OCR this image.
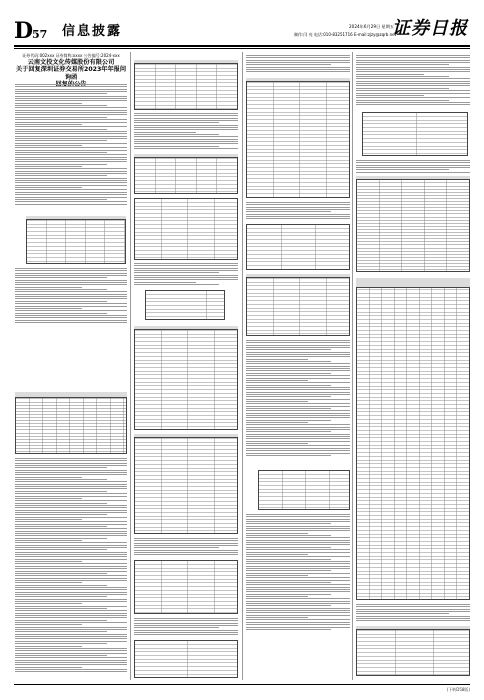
D 57 信息披露	2024年6月29日 星期五
制作:闫 亮 电话:010-83251716 E-mail:zjzy@zqrb.net
证券日报
证券代码:002xxx 证券简称:xxxx 公告编号:2024-xxx
云南文投文化传媒股份有限公司
关于回复深圳证券交易所2023年年报问询函
(下转D58版)
